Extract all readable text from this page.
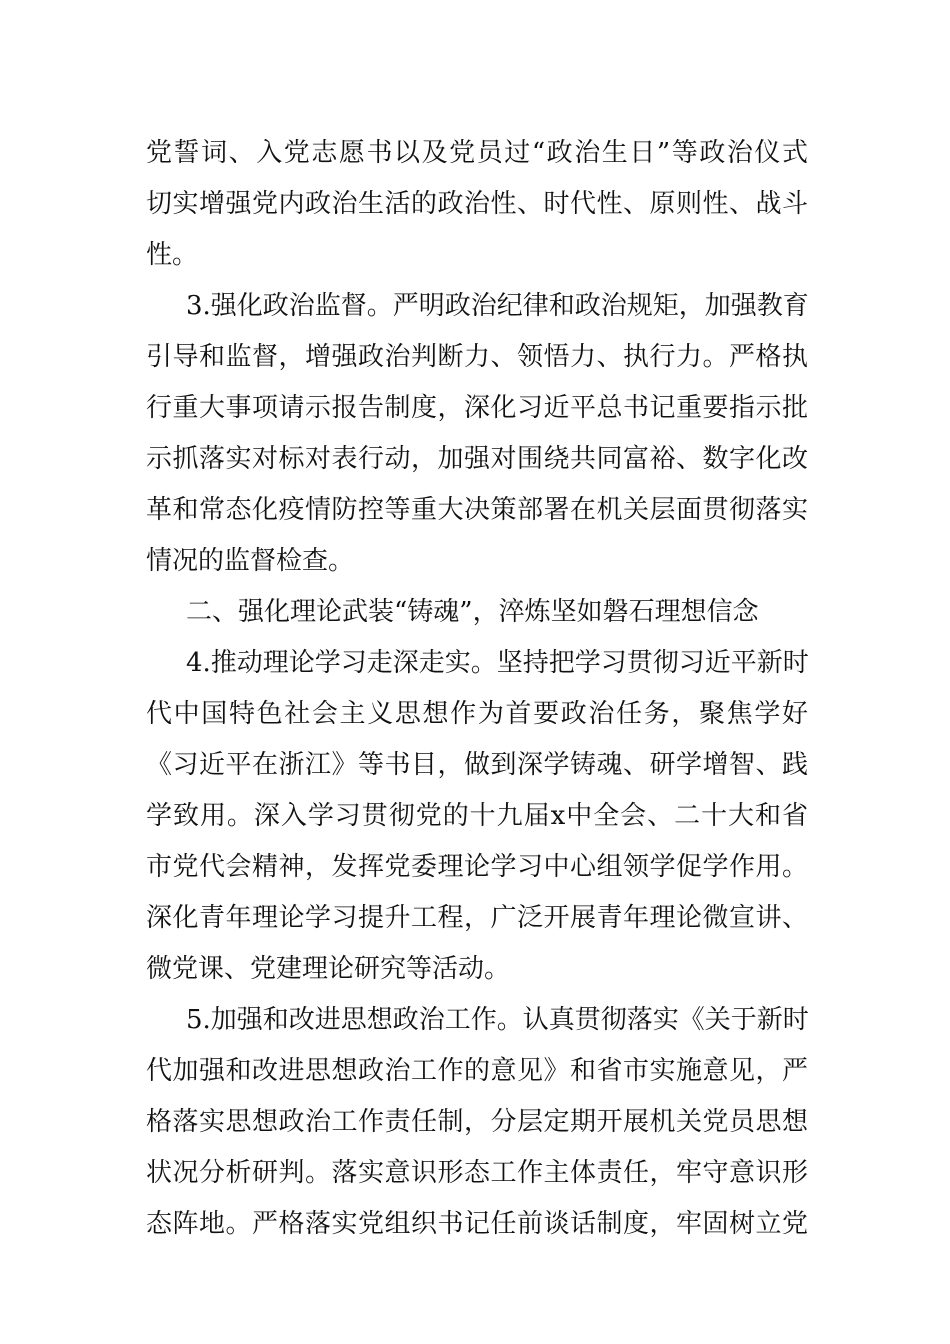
党誓词、入党志愿书以及党员过“政治生日”等政治仪式
切实增强党内政治生活的政治性、时代性、原则性、战斗
性。
3.强化政治监督。严明政治纪律和政治规矩，加强教育
引导和监督，增强政治判断力、领悟力、执行力。严格执
行重大事项请示报告制度，深化习近平总书记重要指示批
示抓落实对标对表行动，加强对围绕共同富裕、数字化改
革和常态化疫情防控等重大决策部署在机关层面贯彻落实
情况的监督检查。
二、强化理论武装“铸魂”，淬炼坚如磐石理想信念
4.推动理论学习走深走实。坚持把学习贯彻习近平新时
代中国特色社会主义思想作为首要政治任务，聚焦学好
《习近平在浙江》等书目，做到深学铸魂、研学增智、践
学致用。深入学习贯彻党的十九届x中全会、二十大和省
市党代会精神，发挥党委理论学习中心组领学促学作用。
深化青年理论学习提升工程，广泛开展青年理论微宣讲、
微党课、党建理论研究等活动。
5.加强和改进思想政治工作。认真贯彻落实《关于新时
代加强和改进思想政治工作的意见》和省市实施意见，严
格落实思想政治工作责任制，分层定期开展机关党员思想
状况分析研判。落实意识形态工作主体责任，牢守意识形
态阵地。严格落实党组织书记任前谈话制度，牢固树立党
